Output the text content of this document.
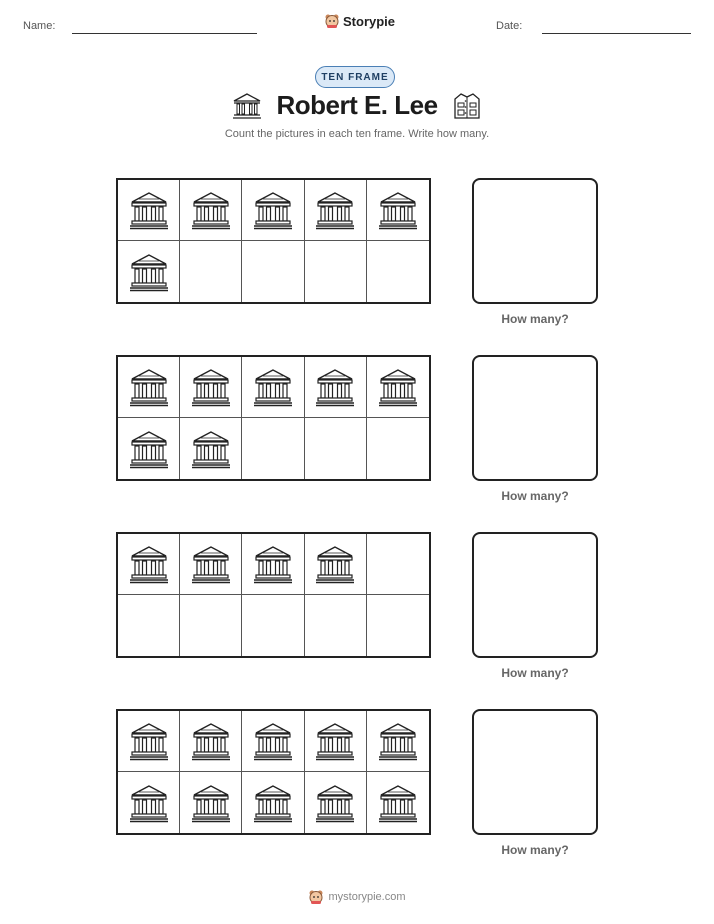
Name:	Storypie	Date:
TEN FRAME
Robert E. Lee
Count the pictures in each ten frame. Write how many.
How many?
How many?
How many?
How many?
mystorypie.com
